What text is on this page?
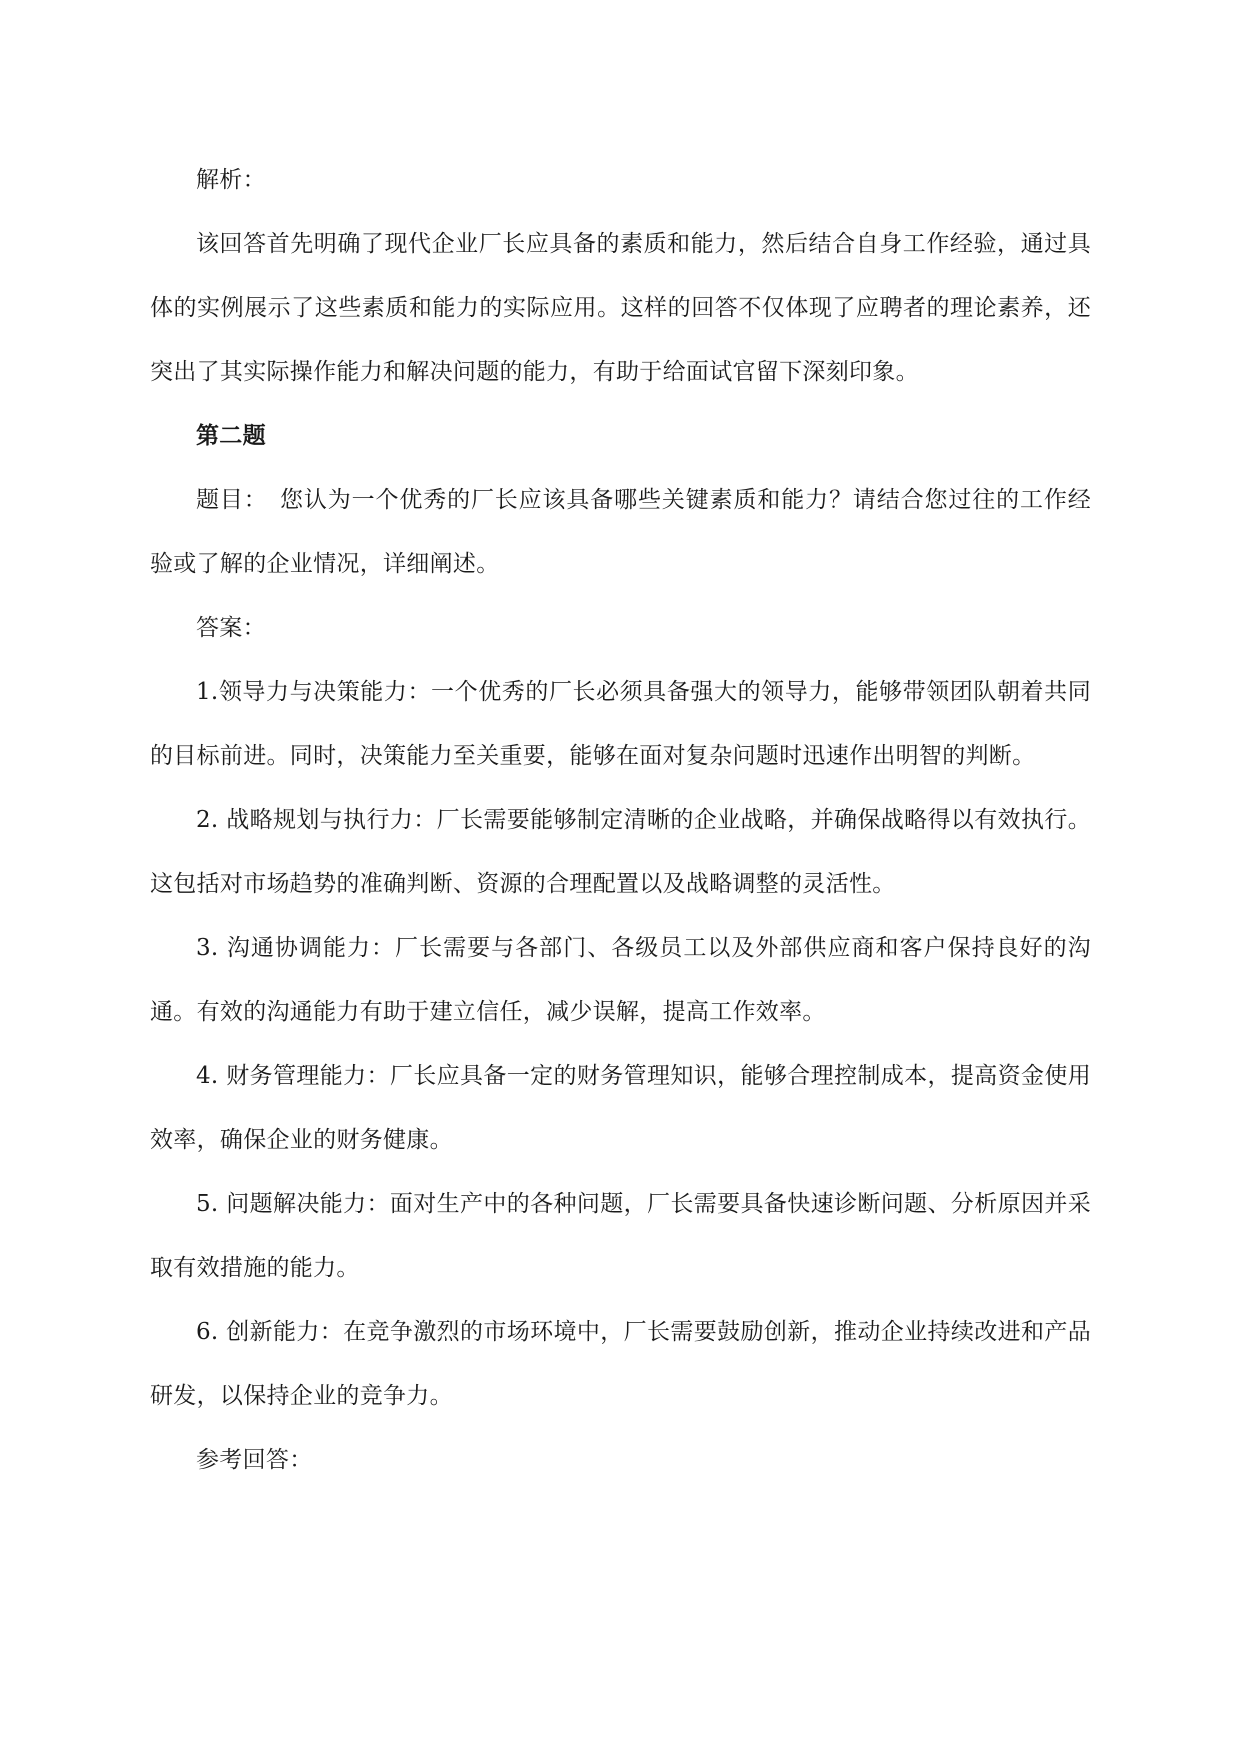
解析：

该回答首先明确了现代企业厂长应具备的素质和能力，然后结合自身工作经验，通过具体的实例展示了这些素质和能力的实际应用。这样的回答不仅体现了应聘者的理论素养，还突出了其实际操作能力和解决问题的能力，有助于给面试官留下深刻印象。

第二题

题目：　您认为一个优秀的厂长应该具备哪些关键素质和能力？请结合您过往的工作经验或了解的企业情况，详细阐述。

答案：

1.领导力与决策能力：一个优秀的厂长必须具备强大的领导力，能够带领团队朝着共同的目标前进。同时，决策能力至关重要，能够在面对复杂问题时迅速作出明智的判断。

2. 战略规划与执行力：厂长需要能够制定清晰的企业战略，并确保战略得以有效执行。这包括对市场趋势的准确判断、资源的合理配置以及战略调整的灵活性。

3. 沟通协调能力：厂长需要与各部门、各级员工以及外部供应商和客户保持良好的沟通。有效的沟通能力有助于建立信任，减少误解，提高工作效率。

4. 财务管理能力：厂长应具备一定的财务管理知识，能够合理控制成本，提高资金使用效率，确保企业的财务健康。

5. 问题解决能力：面对生产中的各种问题，厂长需要具备快速诊断问题、分析原因并采取有效措施的能力。

6. 创新能力：在竞争激烈的市场环境中，厂长需要鼓励创新，推动企业持续改进和产品研发，以保持企业的竞争力。

参考回答：
